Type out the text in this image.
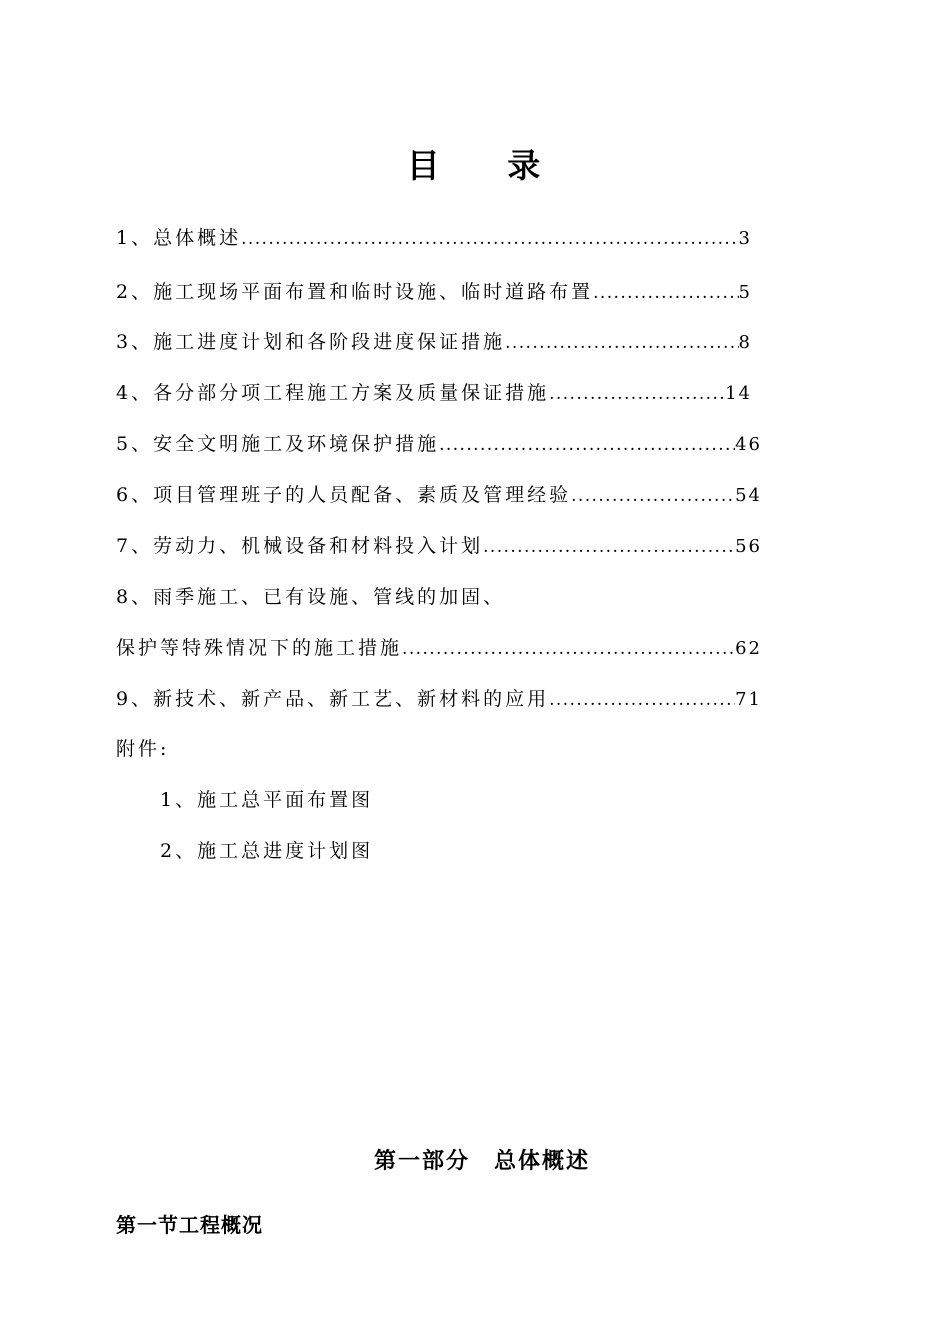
目 录
1、总体概述 . . .	3
2、施工现场平面布置和临时设施、临时道路布置 . . .	5
3、施工进度计划和各阶段进度保证措施 . . .	8
4、各分部分项工程施工方案及质量保证措施 . . .	14
5、安全文明施工及环境保护措施 . . .	46
6、项目管理班子的人员配备、素质及管理经验 . . .	54
7、劳动力、机械设备和材料投入计划 . . .	56
8、雨季施工、已有设施、管线的加固、
保护等特殊情况下的施工措施 . . .	62
9、新技术、新产品、新工艺、新材料的应用 . . .	71
附件:
1、施工总平面布置图
2、施工总进度计划图
第一部分　总体概述
第一节工程概况
